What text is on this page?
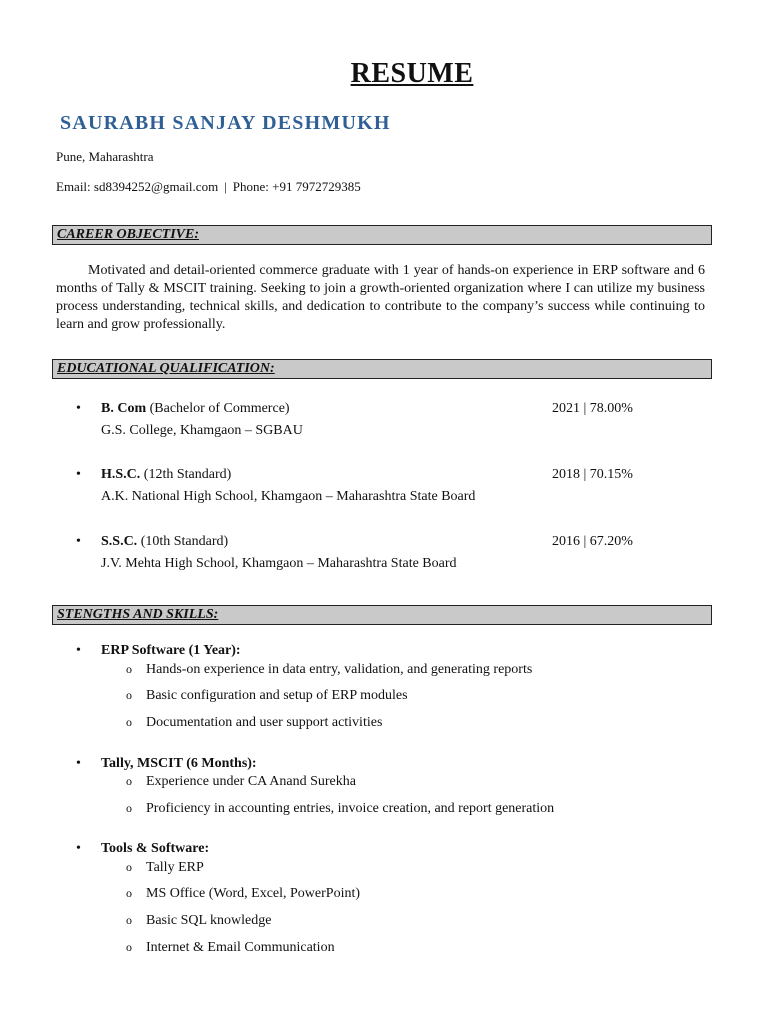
RESUME
SAURABH SANJAY DESHMUKH
Pune, Maharashtra
Email: sd8394252@gmail.com | Phone: +91 7972729385
CAREER OBJECTIVE:

Motivated and detail-oriented commerce graduate with 1 year of hands-on experience in ERP software and 6 months of Tally & MSCIT training. Seeking to join a growth-oriented organization where I can utilize my business process understanding, technical skills, and dedication to contribute to the company’s success while continuing to learn and grow professionally.

EDUCATIONAL QUALIFICATION:
• B. Com (Bachelor of Commerce)	2021 | 78.00%
G.S. College, Khamgaon – SGBAU
• H.S.C. (12th Standard)	2018 | 70.15%
A.K. National High School, Khamgaon – Maharashtra State Board
• S.S.C. (10th Standard)	2016 | 67.20%
J.V. Mehta High School, Khamgaon – Maharashtra State Board
STENGTHS AND SKILLS:
• ERP Software (1 Year):
o Hands-on experience in data entry, validation, and generating reports
o Basic configuration and setup of ERP modules
o Documentation and user support activities
• Tally, MSCIT (6 Months):
o Experience under CA Anand Surekha
o Proficiency in accounting entries, invoice creation, and report generation
• Tools & Software:
o Tally ERP
o MS Office (Word, Excel, PowerPoint)
o Basic SQL knowledge
o Internet & Email Communication
